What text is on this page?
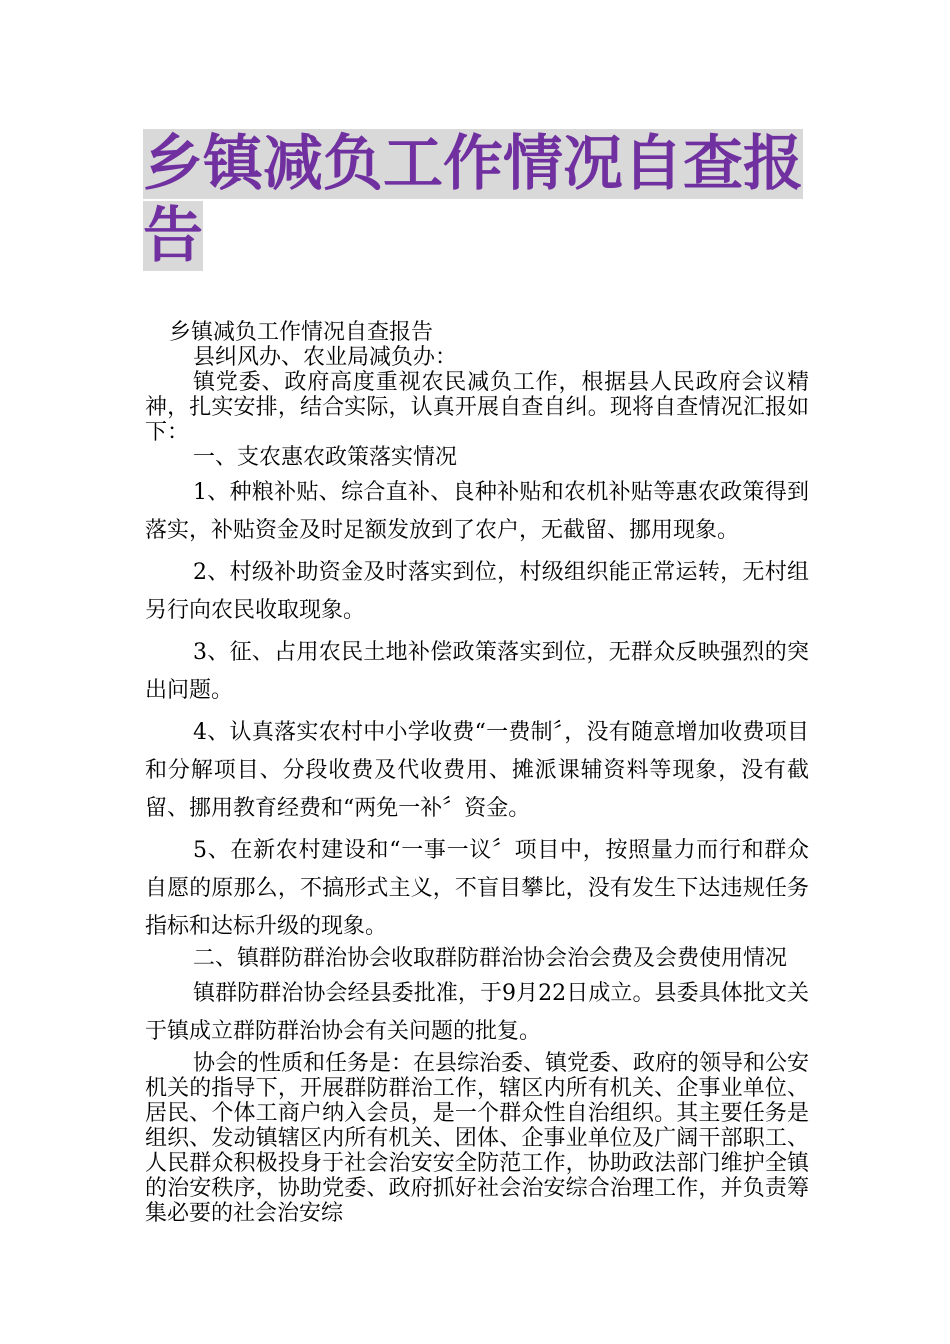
乡镇减负工作情况自查报告

乡镇减负工作情况自查报告

县纠风办、农业局减负办：

镇党委、政府高度重视农民减负工作，根据县人民政府会议精神，扎实安排，结合实际，认真开展自查自纠。现将自查情况汇报如下：

一、支农惠农政策落实情况

1、种粮补贴、综合直补、良种补贴和农机补贴等惠农政策得到落实，补贴资金及时足额发放到了农户，无截留、挪用现象。

2、村级补助资金及时落实到位，村级组织能正常运转，无村组另行向农民收取现象。

3、征、占用农民土地补偿政策落实到位，无群众反映强烈的突出问题。

4、认真落实农村中小学收费“一费制〞，没有随意增加收费项目和分解项目、分段收费及代收费用、摊派课辅资料等现象，没有截留、挪用教育经费和“两免一补〞资金。

5、在新农村建设和“一事一议〞项目中，按照量力而行和群众自愿的原那么，不搞形式主义，不盲目攀比，没有发生下达违规任务指标和达标升级的现象。

二、镇群防群治协会收取群防群治协会治会费及会费使用情况

镇群防群治协会经县委批准，于9月22日成立。县委具体批文关于镇成立群防群治协会有关问题的批复。

协会的性质和任务是：在县综治委、镇党委、政府的领导和公安机关的指导下，开展群防群治工作，辖区内所有机关、企事业单位、居民、个体工商户纳入会员，是一个群众性自治组织。其主要任务是组织、发动镇辖区内所有机关、团体、企事业单位及广阔干部职工、人民群众积极投身于社会治安安全防范工作，协助政法部门维护全镇的治安秩序，协助党委、政府抓好社会治安综合治理工作，并负责筹集必要的社会治安综
